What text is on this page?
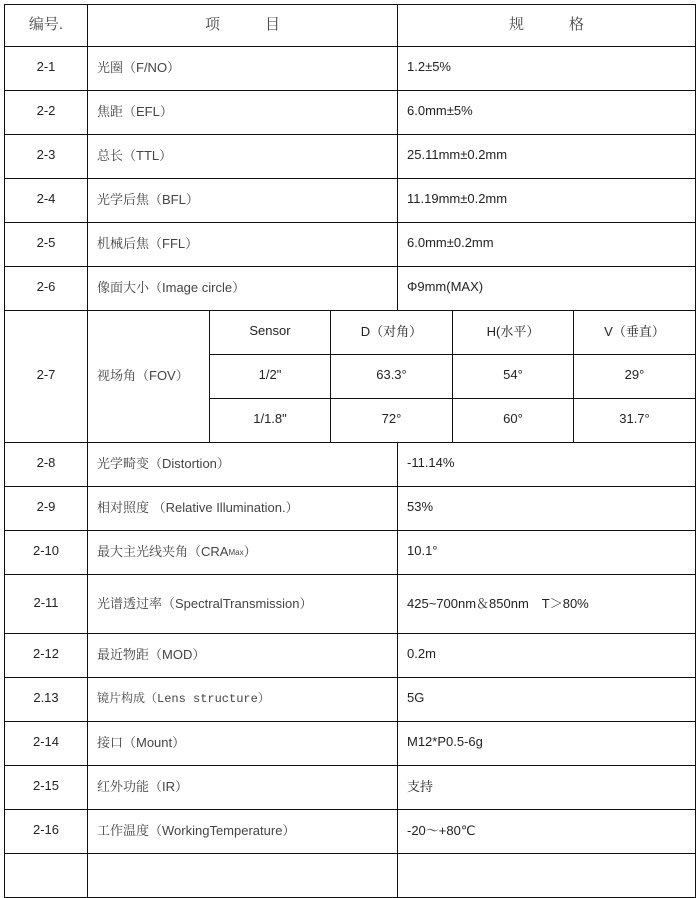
编号.	项　　　目	规　　　格
2-1	光圈（F/NO）	1.2±5%
2-2	焦距（EFL）	6.0mm±5%
2-3	总长（TTL）	25.11mm±0.2mm
2-4	光学后焦（BFL）	11.19mm±0.2mm
2-5	机械后焦（FFL）	6.0mm±0.2mm
2-6	像面大小（Image circle）	Φ9mm(MAX)
2-7	视场角（FOV）
Sensor	D（对角）	H(水平）	V（垂直）
1/2"	63.3°	54°	29°
1/1.8"	72°	60°	31.7°
2-8	光学畸变（Distortion）	-11.14%
2-9	相对照度 （Relative Illumination.）	53%
2-10	最大主光线夹角（CRA Max ）	10.1°
2-11	光谱透过率（SpectralTransmission）	425~700nm＆850nm　T＞80%
2-12	最近物距（MOD）	0.2m
2.13	镜片构成（Lens structure）	5G
2-14	接口（Mount）	M12*P0.5-6g
2-15	红外功能（IR）	支持
2-16	工作温度（WorkingTemperature）	-20～+80℃
